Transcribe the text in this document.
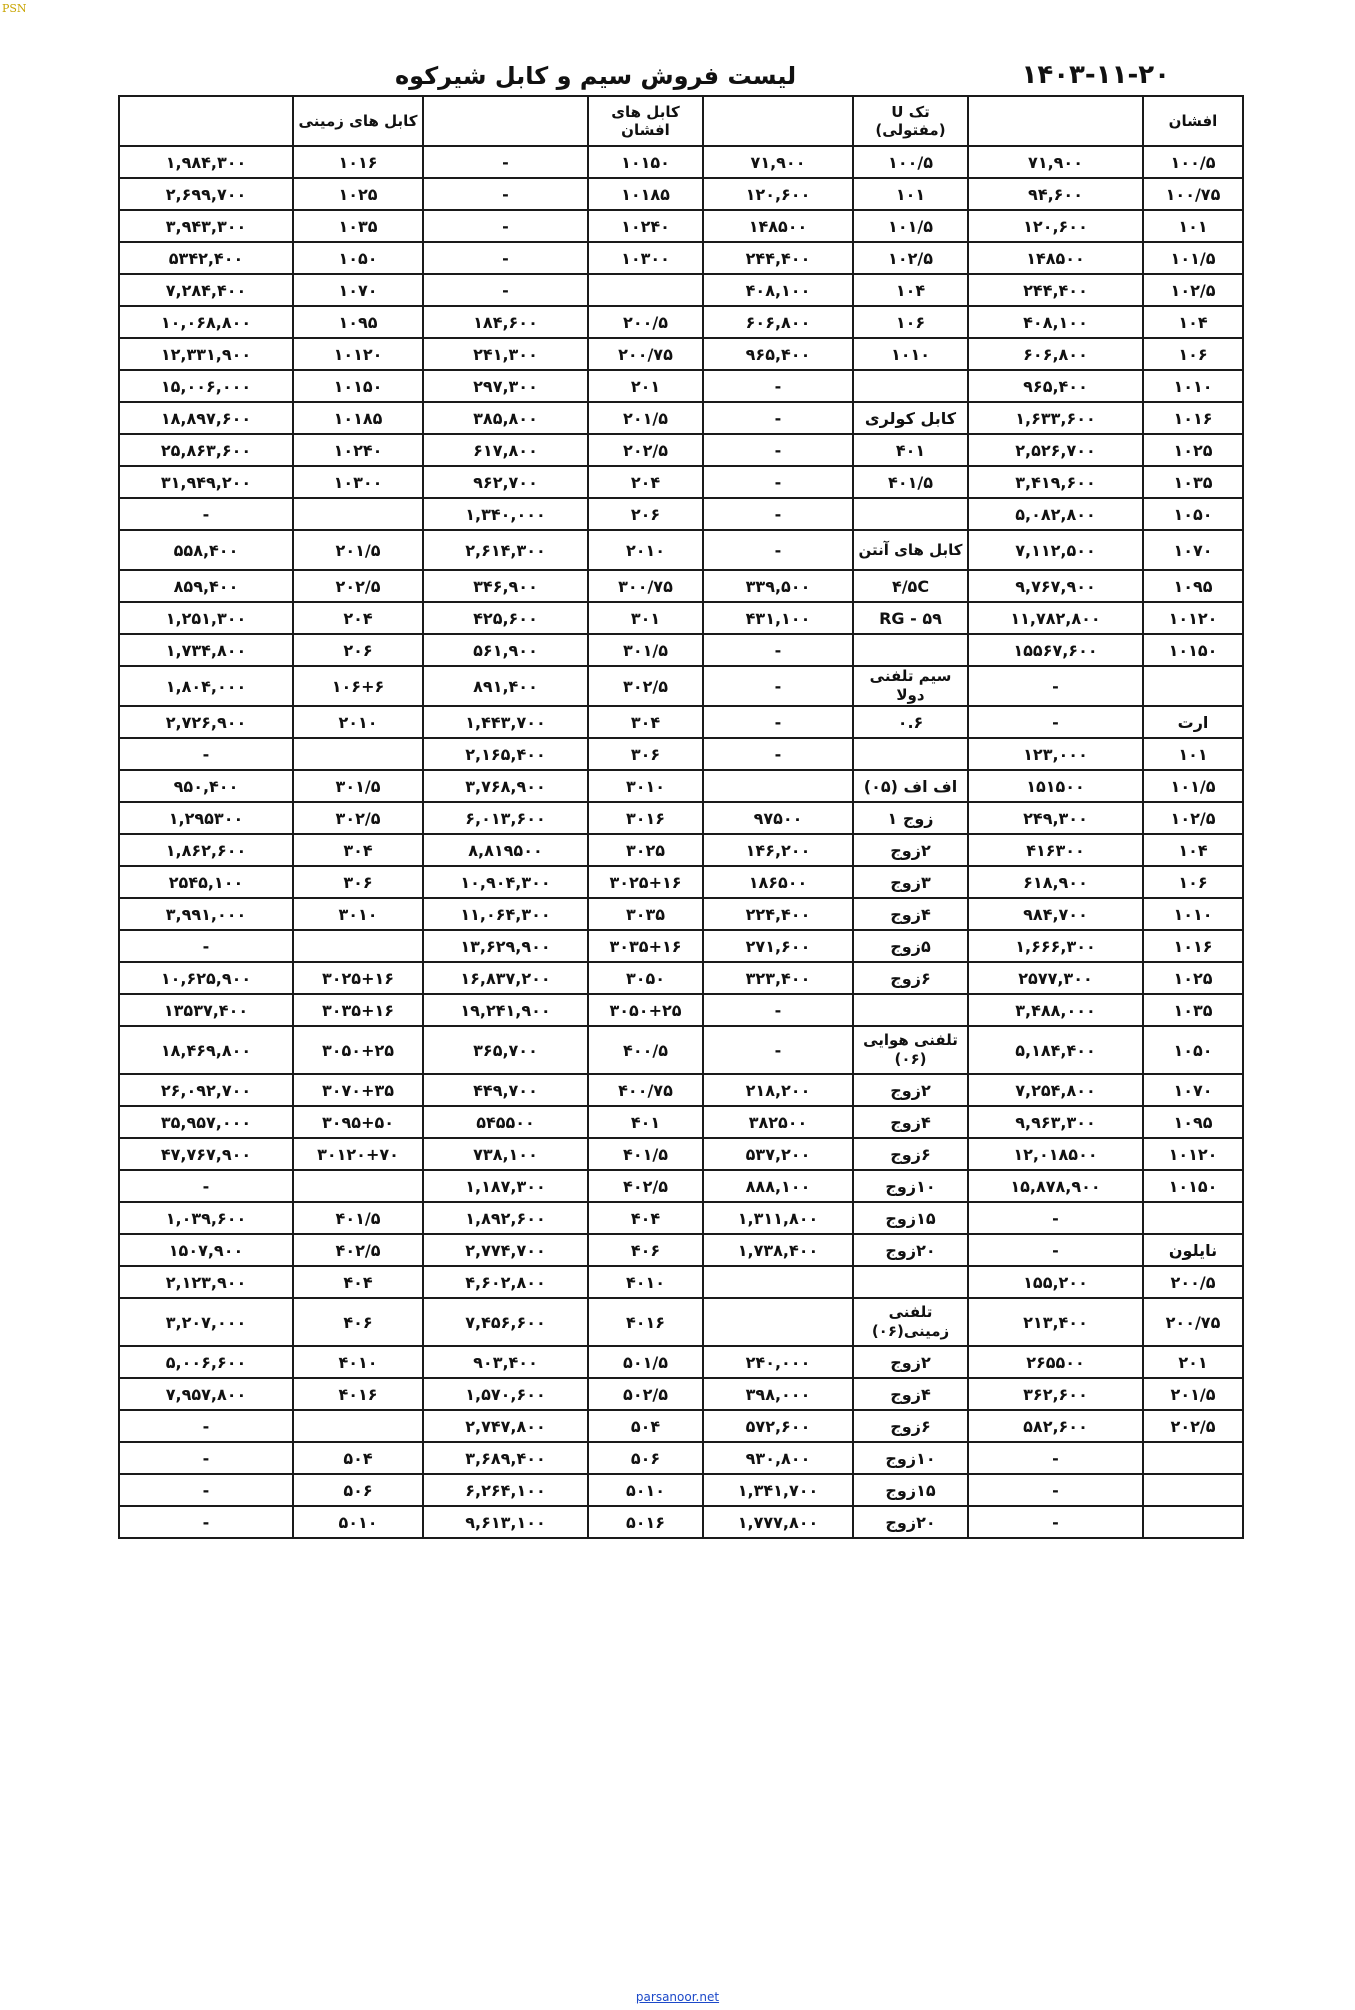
PSN
۱۴۰۳-۱۱-۲۰
لیست فروش سیم و کابل شیرکوه
افشان		تک U (مفتولی)		کابل های افشان		کابل های زمینی	
۱۰۰/۵	۷۱,۹۰۰	۱۰۰/۵	۷۱,۹۰۰	۱۰۱۵۰	-	۱۰۱۶	۱,۹۸۴,۳۰۰
۱۰۰/۷۵	۹۴,۶۰۰	۱۰۱	۱۲۰,۶۰۰	۱۰۱۸۵	-	۱۰۲۵	۲,۶۹۹,۷۰۰
۱۰۱	۱۲۰,۶۰۰	۱۰۱/۵	۱۴۸۵۰۰	۱۰۲۴۰	-	۱۰۳۵	۳,۹۴۳,۳۰۰
۱۰۱/۵	۱۴۸۵۰۰	۱۰۲/۵	۲۴۴,۴۰۰	۱۰۳۰۰	-	۱۰۵۰	۵۳۴۲,۴۰۰
۱۰۲/۵	۲۴۴,۴۰۰	۱۰۴	۴۰۸,۱۰۰		-	۱۰۷۰	۷,۲۸۴,۴۰۰
۱۰۴	۴۰۸,۱۰۰	۱۰۶	۶۰۶,۸۰۰	۲۰۰/۵	۱۸۴,۶۰۰	۱۰۹۵	۱۰,۰۶۸,۸۰۰
۱۰۶	۶۰۶,۸۰۰	۱۰۱۰	۹۶۵,۴۰۰	۲۰۰/۷۵	۲۴۱,۳۰۰	۱۰۱۲۰	۱۲,۳۳۱,۹۰۰
۱۰۱۰	۹۶۵,۴۰۰		-	۲۰۱	۲۹۷,۳۰۰	۱۰۱۵۰	۱۵,۰۰۶,۰۰۰
۱۰۱۶	۱,۶۳۳,۶۰۰	کابل کولری	-	۲۰۱/۵	۳۸۵,۸۰۰	۱۰۱۸۵	۱۸,۸۹۷,۶۰۰
۱۰۲۵	۲,۵۲۶,۷۰۰	۴۰۱	-	۲۰۲/۵	۶۱۷,۸۰۰	۱۰۲۴۰	۲۵,۸۶۳,۶۰۰
۱۰۳۵	۳,۴۱۹,۶۰۰	۴۰۱/۵	-	۲۰۴	۹۶۲,۷۰۰	۱۰۳۰۰	۳۱,۹۴۹,۲۰۰
۱۰۵۰	۵,۰۸۲,۸۰۰		-	۲۰۶	۱,۳۴۰,۰۰۰		-
۱۰۷۰	۷,۱۱۲,۵۰۰	کابل های آنتن	-	۲۰۱۰	۲,۶۱۴,۳۰۰	۲۰۱/۵	۵۵۸,۴۰۰
۱۰۹۵	۹,۷۶۷,۹۰۰	۴/۵C	۳۳۹,۵۰۰	۳۰۰/۷۵	۳۴۶,۹۰۰	۲۰۲/۵	۸۵۹,۴۰۰
۱۰۱۲۰	۱۱,۷۸۲,۸۰۰	RG - ۵۹	۴۳۱,۱۰۰	۳۰۱	۴۲۵,۶۰۰	۲۰۴	۱,۲۵۱,۳۰۰
۱۰۱۵۰	۱۵۵۶۷,۶۰۰		-	۳۰۱/۵	۵۶۱,۹۰۰	۲۰۶	۱,۷۳۴,۸۰۰
	-	سیم تلفنی دولا	-	۳۰۲/۵	۸۹۱,۴۰۰	۱۰۶+۶	۱,۸۰۴,۰۰۰
ارت	-	۰.۶	-	۳۰۴	۱,۴۴۳,۷۰۰	۲۰۱۰	۲,۷۲۶,۹۰۰
۱۰۱	۱۲۳,۰۰۰		-	۳۰۶	۲,۱۶۵,۴۰۰		-
۱۰۱/۵	۱۵۱۵۰۰	اف اف (۰۵)		۳۰۱۰	۳,۷۶۸,۹۰۰	۳۰۱/۵	۹۵۰,۴۰۰
۱۰۲/۵	۲۴۹,۳۰۰	زوج ۱	۹۷۵۰۰	۳۰۱۶	۶,۰۱۳,۶۰۰	۳۰۲/۵	۱,۲۹۵۳۰۰
۱۰۴	۴۱۶۳۰۰	۲زوج	۱۴۶,۲۰۰	۳۰۲۵	۸,۸۱۹۵۰۰	۳۰۴	۱,۸۶۲,۶۰۰
۱۰۶	۶۱۸,۹۰۰	۳زوج	۱۸۶۵۰۰	۳۰۲۵+۱۶	۱۰,۹۰۴,۳۰۰	۳۰۶	۲۵۴۵,۱۰۰
۱۰۱۰	۹۸۴,۷۰۰	۴زوج	۲۲۴,۴۰۰	۳۰۳۵	۱۱,۰۶۴,۳۰۰	۳۰۱۰	۳,۹۹۱,۰۰۰
۱۰۱۶	۱,۶۶۶,۳۰۰	۵زوج	۲۷۱,۶۰۰	۳۰۳۵+۱۶	۱۳,۶۲۹,۹۰۰		-
۱۰۲۵	۲۵۷۷,۳۰۰	۶زوج	۳۲۳,۴۰۰	۳۰۵۰	۱۶,۸۳۷,۲۰۰	۳۰۲۵+۱۶	۱۰,۶۲۵,۹۰۰
۱۰۳۵	۳,۴۸۸,۰۰۰		-	۳۰۵۰+۲۵	۱۹,۲۴۱,۹۰۰	۳۰۳۵+۱۶	۱۳۵۳۷,۴۰۰
۱۰۵۰	۵,۱۸۴,۴۰۰	تلفنی هوایی (۰۶)	-	۴۰۰/۵	۳۶۵,۷۰۰	۳۰۵۰+۲۵	۱۸,۴۶۹,۸۰۰
۱۰۷۰	۷,۲۵۴,۸۰۰	۲زوج	۲۱۸,۲۰۰	۴۰۰/۷۵	۴۴۹,۷۰۰	۳۰۷۰+۳۵	۲۶,۰۹۲,۷۰۰
۱۰۹۵	۹,۹۶۳,۳۰۰	۴زوج	۳۸۲۵۰۰	۴۰۱	۵۴۵۵۰۰	۳۰۹۵+۵۰	۳۵,۹۵۷,۰۰۰
۱۰۱۲۰	۱۲,۰۱۸۵۰۰	۶زوج	۵۳۷,۲۰۰	۴۰۱/۵	۷۳۸,۱۰۰	۳۰۱۲۰+۷۰	۴۷,۷۶۷,۹۰۰
۱۰۱۵۰	۱۵,۸۷۸,۹۰۰	۱۰زوج	۸۸۸,۱۰۰	۴۰۲/۵	۱,۱۸۷,۳۰۰		-
	-	۱۵زوج	۱,۳۱۱,۸۰۰	۴۰۴	۱,۸۹۲,۶۰۰	۴۰۱/۵	۱,۰۳۹,۶۰۰
نایلون	-	۲۰زوج	۱,۷۳۸,۴۰۰	۴۰۶	۲,۷۷۴,۷۰۰	۴۰۲/۵	۱۵۰۷,۹۰۰
۲۰۰/۵	۱۵۵,۲۰۰			۴۰۱۰	۴,۶۰۲,۸۰۰	۴۰۴	۲,۱۲۳,۹۰۰
۲۰۰/۷۵	۲۱۳,۴۰۰	تلفنی زمینی(۰۶)		۴۰۱۶	۷,۴۵۶,۶۰۰	۴۰۶	۳,۲۰۷,۰۰۰
۲۰۱	۲۶۵۵۰۰	۲زوج	۲۴۰,۰۰۰	۵۰۱/۵	۹۰۳,۴۰۰	۴۰۱۰	۵,۰۰۶,۶۰۰
۲۰۱/۵	۳۶۲,۶۰۰	۴زوج	۳۹۸,۰۰۰	۵۰۲/۵	۱,۵۷۰,۶۰۰	۴۰۱۶	۷,۹۵۷,۸۰۰
۲۰۲/۵	۵۸۲,۶۰۰	۶زوج	۵۷۲,۶۰۰	۵۰۴	۲,۷۴۷,۸۰۰		-
	-	۱۰زوج	۹۳۰,۸۰۰	۵۰۶	۳,۶۸۹,۴۰۰	۵۰۴	-
	-	۱۵زوج	۱,۳۴۱,۷۰۰	۵۰۱۰	۶,۲۶۴,۱۰۰	۵۰۶	-
	-	۲۰زوج	۱,۷۷۷,۸۰۰	۵۰۱۶	۹,۶۱۳,۱۰۰	۵۰۱۰	-
parsanoor.net
